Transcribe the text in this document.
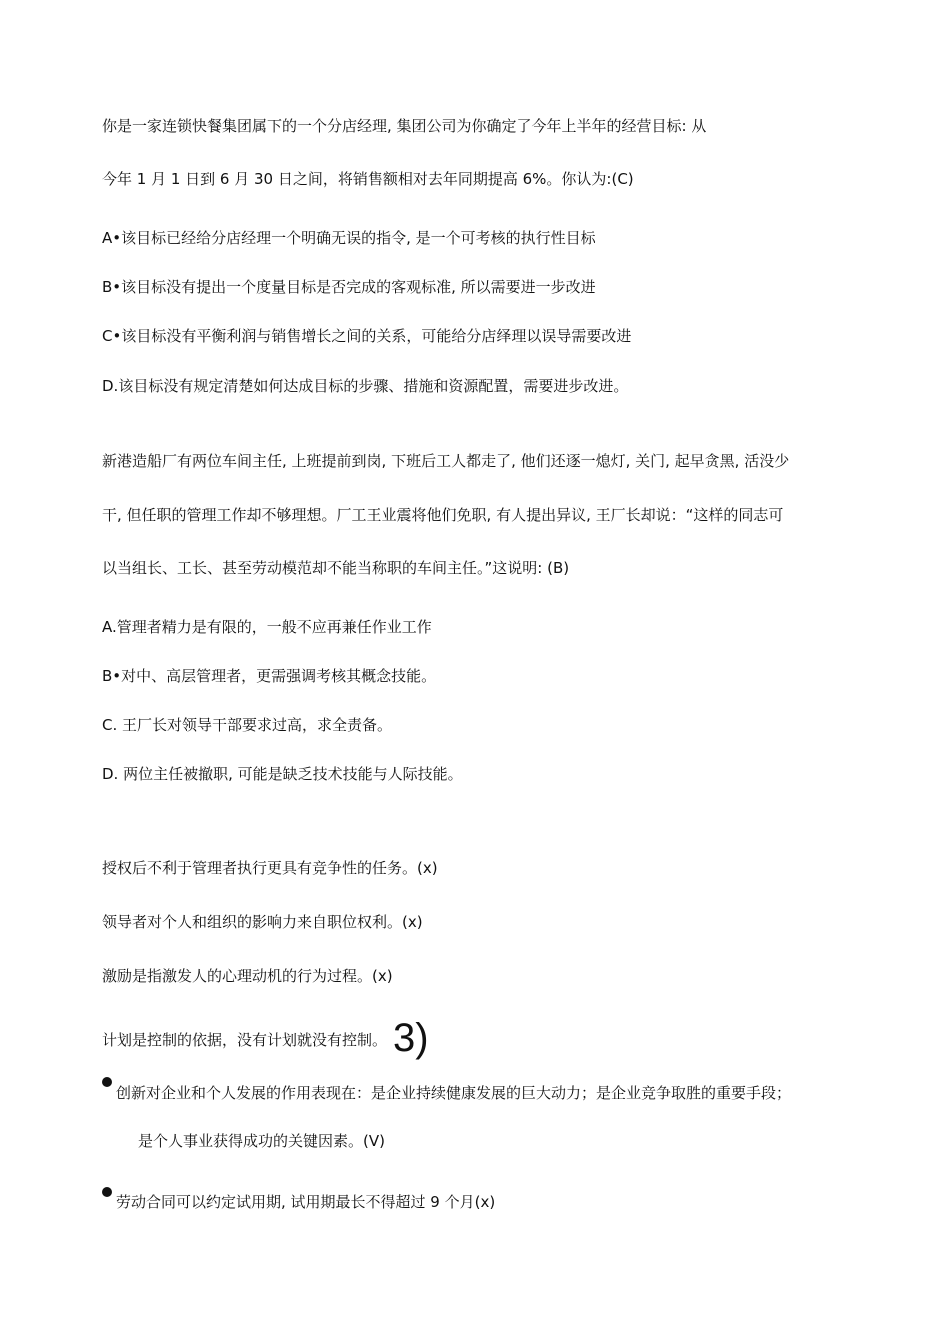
你是一家连锁快餐集团属下的一个分店经理, 集团公司为你确定了今年上半年的经营目标: 从
今年 1 月 1 日到 6 月 30 日之间，将销售额相对去年同期提高 6%。你认为:(C)
A•该目标已经给分店经理一个明确无误的指令, 是一个可考核的执行性目标
B•该目标没有提出一个度量目标是否完成的客观标准, 所以需要进一步改进
C•该目标没有平衡利润与销售增长之间的关系，可能给分店绎理以误导需要改进
D.该目标没有规定清楚如何达成目标的步骤、措施和资源配置，需要进步改进。
新港造船厂有两位车间主任, 上班提前到岗, 下班后工人都走了, 他们还逐一熄灯, 关门, 起早贪黑, 活没少
干, 但任职的管理工作却不够理想。厂工王业震将他们免职, 有人提出异议, 王厂长却说：“这样的同志可
以当组长、工长、甚至劳动模范却不能当称职的车间主任。”这说明: (B)
A.管理者精力是有限的，一般不应再兼任作业工作
B•对中、高层管理者，更需强调考核其概念技能。
C. 王厂长对领导干部要求过高，求全责备。
D. 两位主任被撤职, 可能是缺乏技术技能与人际技能。
授权后不利于管理者执行更具有竞争性的任务。(x)
领导者对个人和组织的影响力来自职位权利。(x)
激励是指激发人的心理动机的行为过程。(x)
计划是控制的依据，没有计划就没有控制。 3)
创新对企业和个人发展的作用表现在：是企业持续健康发展的巨大动力；是企业竞争取胜的重要手段；
是个人事业获得成功的关键因素。(V)
劳动合同可以约定试用期, 试用期最长不得超过 9 个月(x)
